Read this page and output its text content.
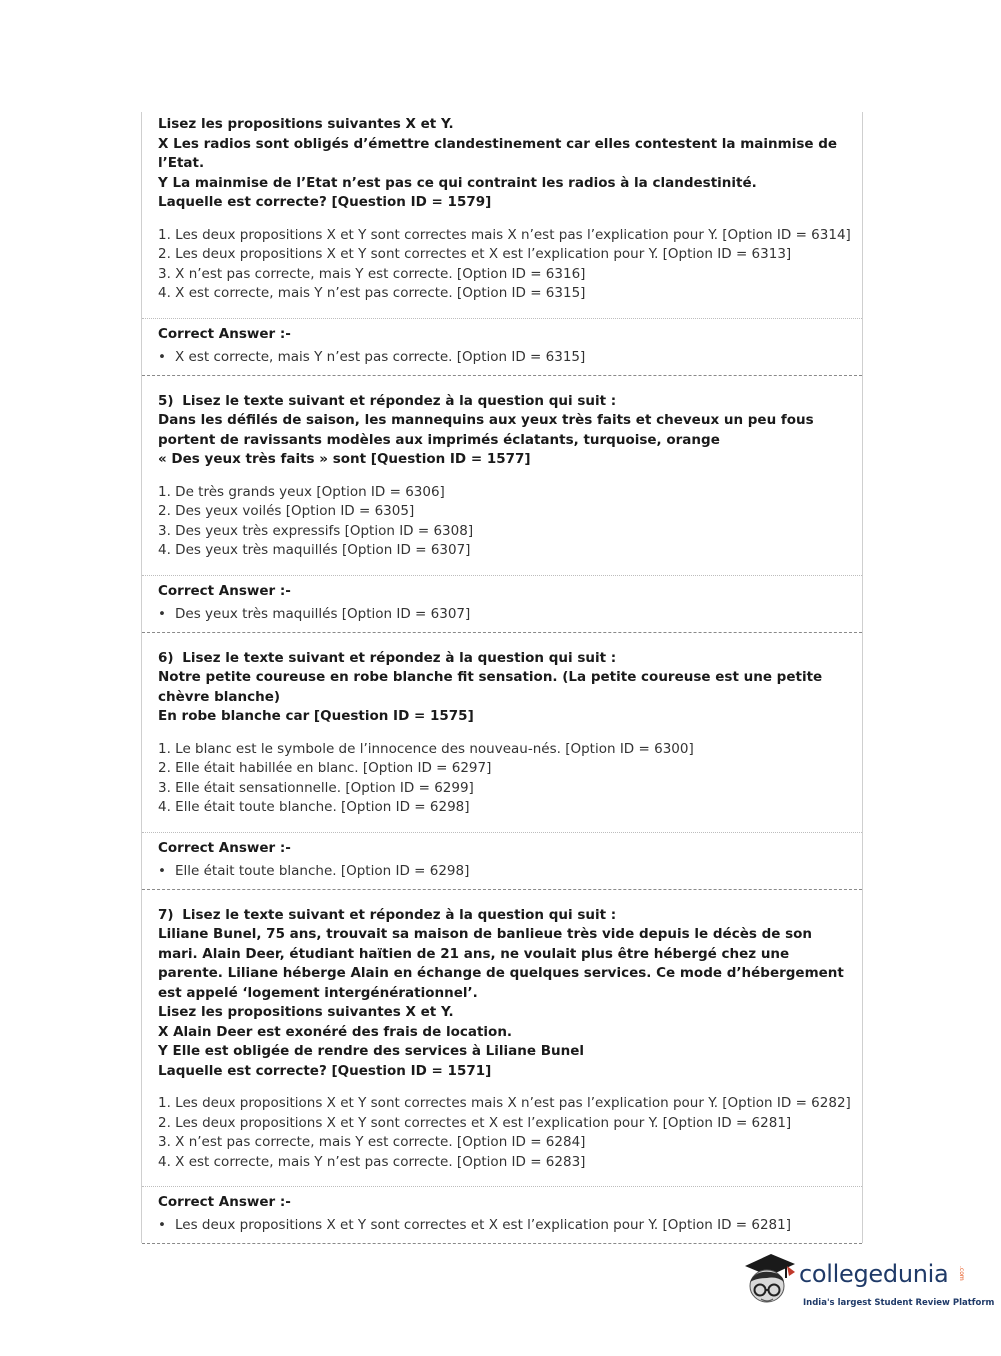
Lisez les propositions suivantes X et Y.
X Les radios sont obligés d’émettre clandestinement car elles contestent la mainmise de l’Etat.
Y La mainmise de l’Etat n’est pas ce qui contraint les radios à la clandestinité.
Laquelle est correcte? [Question ID = 1579]
1. Les deux propositions X et Y sont correctes mais X n’est pas l’explication pour Y. [Option ID = 6314]
2. Les deux propositions X et Y sont correctes et X est l’explication pour Y. [Option ID = 6313]
3. X n’est pas correcte, mais Y est correcte. [Option ID = 6316]
4. X est correcte, mais Y n’est pas correcte. [Option ID = 6315]
Correct Answer :-
• X est correcte, mais Y n’est pas correcte. [Option ID = 6315]
5) Lisez le texte suivant et répondez à la question qui suit :
Dans les défilés de saison, les mannequins aux yeux très faits et cheveux un peu fous portent de ravissants modèles aux imprimés éclatants, turquoise, orange
« Des yeux très faits » sont [Question ID = 1577]
1. De très grands yeux [Option ID = 6306]
2. Des yeux voilés [Option ID = 6305]
3. Des yeux très expressifs [Option ID = 6308]
4. Des yeux très maquillés [Option ID = 6307]
Correct Answer :-
• Des yeux très maquillés [Option ID = 6307]
6) Lisez le texte suivant et répondez à la question qui suit :
Notre petite coureuse en robe blanche fit sensation. (La petite coureuse est une petite chèvre blanche)
En robe blanche car [Question ID = 1575]
1. Le blanc est le symbole de l’innocence des nouveau-nés. [Option ID = 6300]
2. Elle était habillée en blanc. [Option ID = 6297]
3. Elle était sensationnelle. [Option ID = 6299]
4. Elle était toute blanche. [Option ID = 6298]
Correct Answer :-
• Elle était toute blanche. [Option ID = 6298]
7) Lisez le texte suivant et répondez à la question qui suit :
Liliane Bunel, 75 ans, trouvait sa maison de banlieue très vide depuis le décès de son mari. Alain Deer, étudiant haïtien de 21 ans, ne voulait plus être hébergé chez une parente. Liliane héberge Alain en échange de quelques services. Ce mode d’hébergement est appelé ‘logement intergénérationnel’.
Lisez les propositions suivantes X et Y.
X Alain Deer est exonéré des frais de location.
Y Elle est obligée de rendre des services à Liliane Bunel
Laquelle est correcte? [Question ID = 1571]
1. Les deux propositions X et Y sont correctes mais X n’est pas l’explication pour Y. [Option ID = 6282]
2. Les deux propositions X et Y sont correctes et X est l’explication pour Y. [Option ID = 6281]
3. X n’est pas correcte, mais Y est correcte. [Option ID = 6284]
4. X est correcte, mais Y n’est pas correcte. [Option ID = 6283]
Correct Answer :-
• Les deux propositions X et Y sont correctes et X est l’explication pour Y. [Option ID = 6281]
collegedunia .com
India's largest Student Review Platform
